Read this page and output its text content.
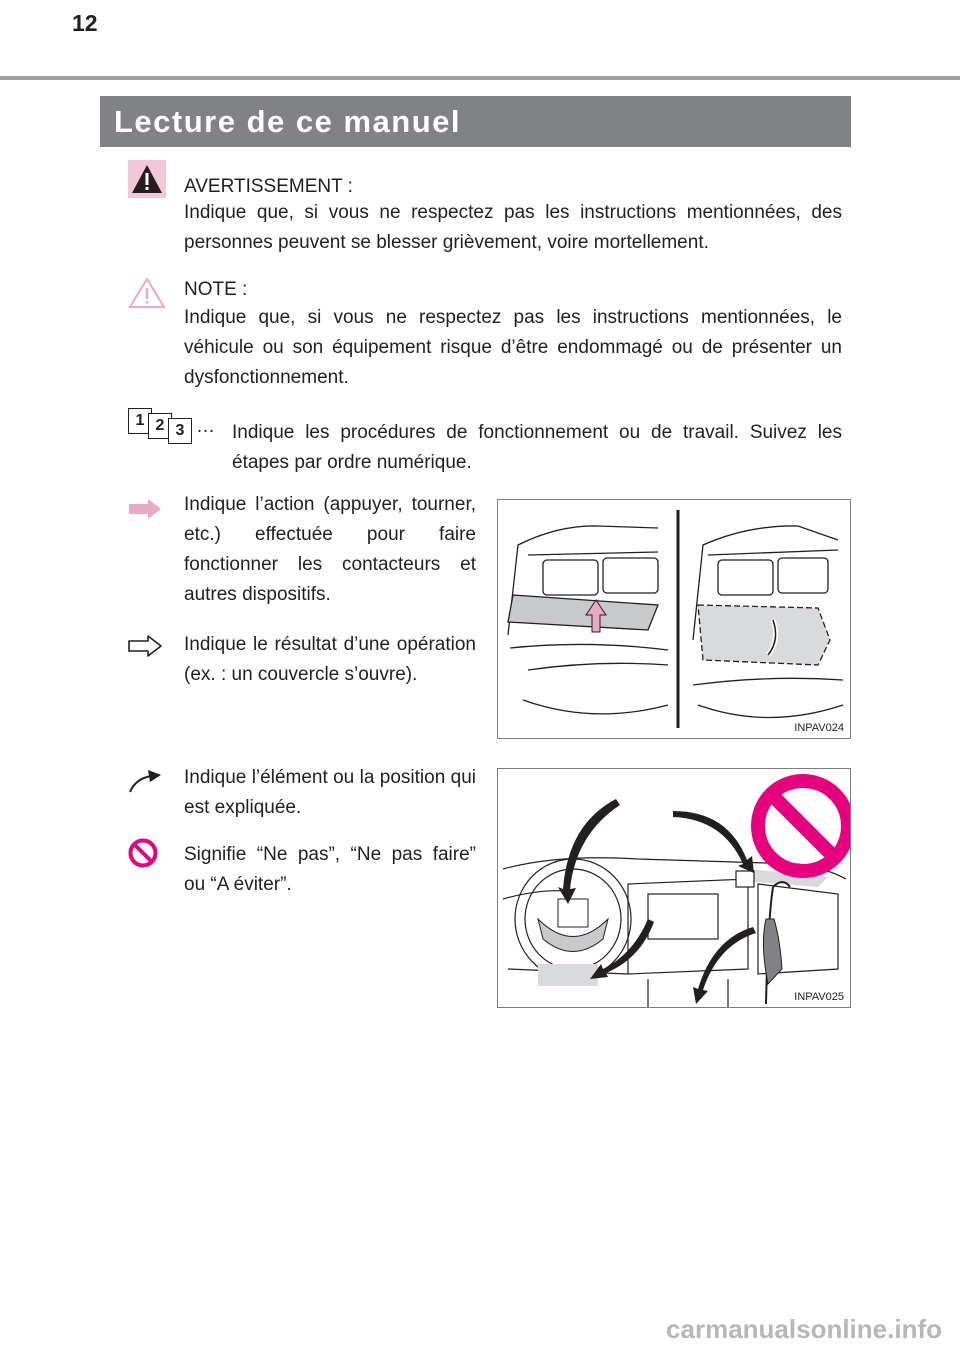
12
Lecture de ce manuel
AVERTISSEMENT :
Indique que, si vous ne respectez pas les instructions mentionnées, des personnes peuvent se blesser grièvement, voire mortellement.
NOTE :
Indique que, si vous ne respectez pas les instructions mentionnées, le véhicule ou son équipement risque d’être endommagé ou de présenter un dysfonctionnement.
1 2 3 … Indique les procédures de fonctionnement ou de travail. Suivez les étapes par ordre numérique.
Indique l’action (appuyer, tourner, etc.) effectuée pour faire fonctionner les contacteurs et autres dispositifs.
Indique le résultat d’une opération (ex. : un couvercle s’ouvre).
INPAV024
Indique l’élément ou la position qui est expliquée.
Signifie “Ne pas”, “Ne pas faire” ou “A éviter”.
INPAV025
carmanualsonline.info
